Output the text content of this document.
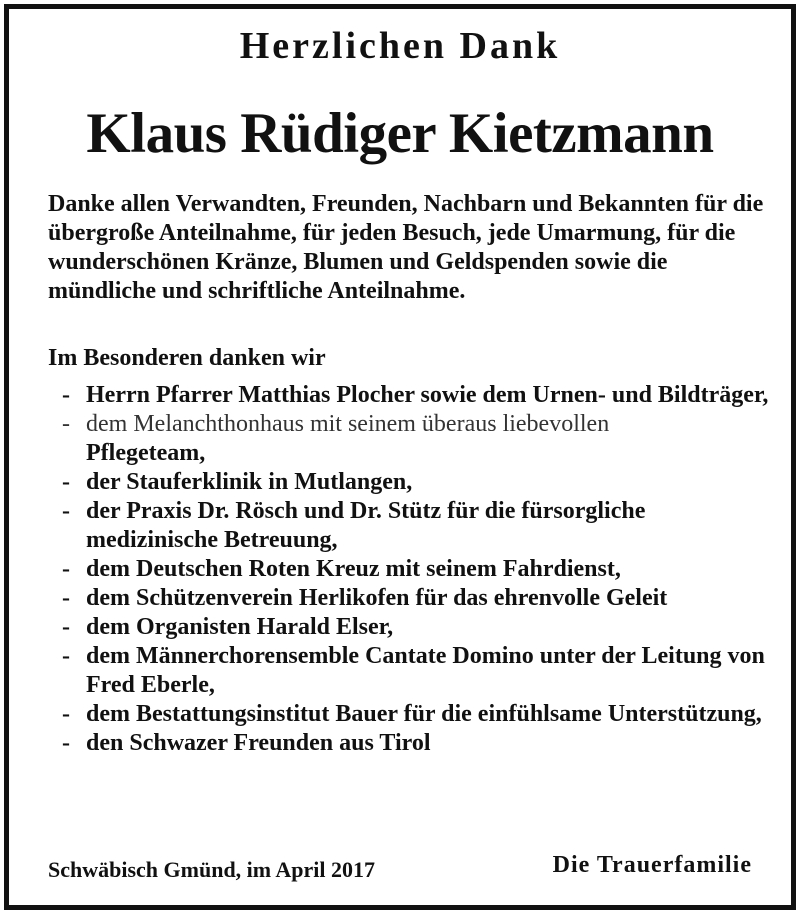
Herzlichen Dank
Klaus Rüdiger Kietzmann

Danke allen Verwandten, Freunden, Nachbarn und Bekannten für die übergroße Anteilnahme, für jeden Besuch, jede Umarmung, für die wunderschönen Kränze, Blumen und Geldspenden sowie die mündliche und schriftliche Anteilnahme.

Im Besonderen danken wir
- Herrn Pfarrer Matthias Plocher sowie dem Urnen- und Bildträger,
- dem Melanchthonhaus mit seinem überaus liebevollen
Pflegeteam,
- der Stauferklinik in Mutlangen,
- der Praxis Dr. Rösch und Dr. Stütz für die fürsorgliche medizinische Betreuung,
- dem Deutschen Roten Kreuz mit seinem Fahrdienst,
- dem Schützenverein Herlikofen für das ehrenvolle Geleit
- dem Organisten Harald Elser,
- dem Männerchorensemble Cantate Domino unter der Leitung von Fred Eberle,
- dem Bestattungsinstitut Bauer für die einfühlsame Unterstützung,
- den Schwazer Freunden aus Tirol
Schwäbisch Gmünd, im April 2017	Die Trauerfamilie
